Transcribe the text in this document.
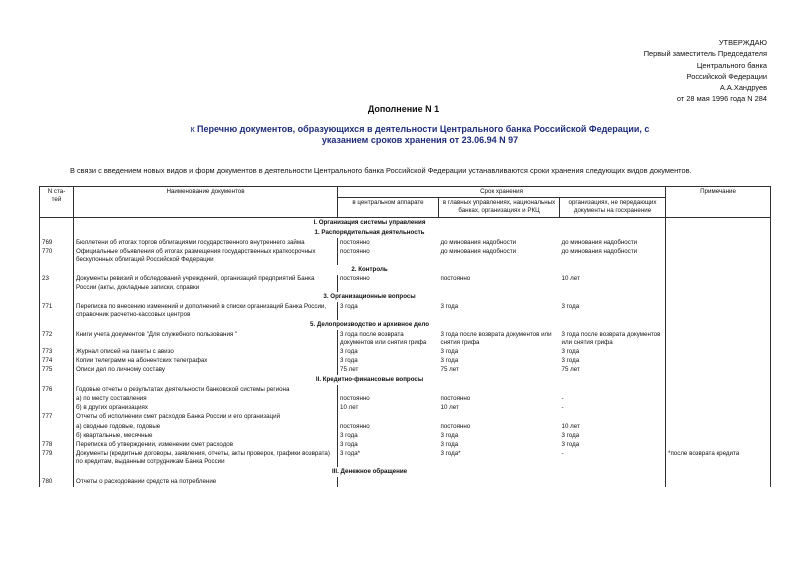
УТВЕРЖДАЮ
Первый заместитель Председателя
Центрального банка
Российской Федерации
А.А.Хандруев
от 28 мая 1996 года N 284
Дополнение N 1
к Перечню документов, образующихся в деятельности Центрального банка Российской Федерации, с указанием сроков хранения от 23.06.94 N 97
В связи с введением новых видов и форм документов в деятельности Центрального банка Российской Федерации устанавливаются сроки хранения следующих видов документов.
N ста-
тей	Наименование документов	Срок хранения			Примечание
		в центральном аппарате	в главных управлениях, национальных банках, организациях и РКЦ	организациях, не передающих документы на госхранение	
	I. Организация системы управления				
	1. Распорядительная деятельность				
769	Бюллетени об итогах торгов облигациями государственного внутреннего займа	постоянно	до минования надобности	до минования надобности	
770	Официальные объявления об итогах размещения государственных краткосрочных бескупонных облигаций Российской Федерации	постоянно	до минования надобности	до минования надобности	
	2. Контроль				
23	Документы ревизий и обследований учреждений, организаций предприятий Банка России (акты, докладные записки, справки	постоянно	постоянно	10 лет	
	3. Организационные вопросы				
771	Переписка по внесению изменений и дополнений в списки организаций Банка России, справочник расчетно-кассовых центров	3 года	3 года	3 года	
	5. Делопроизводство и архивное дело				
772	Книги учета документов "Для служебного пользования "	3 года после возврата документов или снятия грифа	3 года после возврата документов или снятия грифа	3 года после возврата документов или снятия грифа	
773	Журнал описей на пакеты с авизо	3 года	3 года	3 года	
774	Копии телеграмм на абонентских телеграфах	3 года	3 года	3 года	
775	Описи дел по личному составу	75 лет	75 лет	75 лет	
	II. Кредитно-финансовые вопросы				
776	Годовые отчеты о результатах деятельности банковской системы региона				
	а) по месту составления	постоянно	постоянно	-	
	б) в других организациях	10 лет	10 лет	-	
777	Отчеты об исполнении смет расходов Банка России и его организаций				
	а) сводные годовые, годовые	постоянно	постоянно	10 лет	
	б) квартальные, месячные	3 года	3 года	3 года	
778	Переписка об утверждении, изменении смет расходов	3 года	3 года	3 года	
779	Документы (кредитные договоры, заявления, отчеты, акты проверок, графики возврата) по кредитам, выданным сотрудникам Банка России	3 года*	3 года*	-	*после возврата кредита
	III. Денежное обращение				
780	Отчеты о расходовании средств на потребление				
